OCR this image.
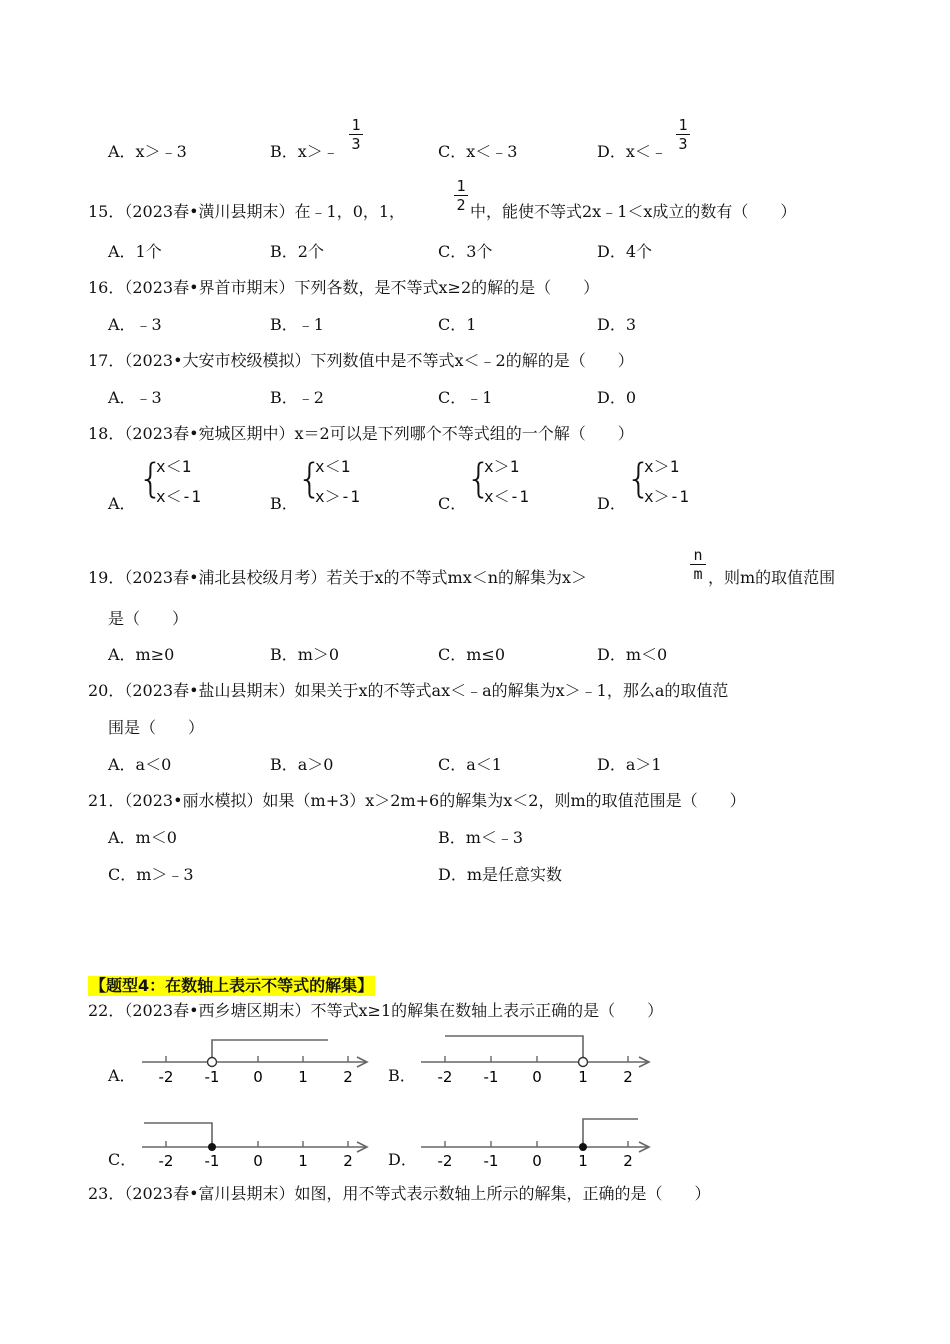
A．x＞﹣3	B．x＞﹣
1
3	C．x＜﹣3	D．x＜﹣
1
3
15．（2023春•潢川县期末）在﹣1，0，1，
1
2 中，能使不等式2x﹣1＜x成立的数有（　　）
A．1个	B．2个	C．3个	D．4个
16．（2023春•界首市期末）下列各数，是不等式x≥2的解的是（　　）
A．﹣3	B．﹣1	C．1	D．3
17．（2023•大安市校级模拟）下列数值中是不等式x＜﹣2的解的是（　　）
A．﹣3	B．﹣2	C．﹣1	D．0
18．（2023春•宛城区期中）x＝2可以是下列哪个不等式组的一个解（　　）
A．
{
x＜1
x＜-1	B．
{
x＜1
x＞-1	C．
{
x＞1
x＜-1	D．
{
x＞1
x＞-1
19．（2023春•浦北县校级月考）若关于x的不等式mx＜n的解集为x＞
n
m ，则m的取值范围
是（　　）
A．m≥0	B．m＞0	C．m≤0	D．m＜0
20．（2023春•盐山县期末）如果关于x的不等式ax＜﹣a的解集为x＞﹣1，那么a的取值范
围是（　　）
A．a＜0	B．a＞0	C．a＜1	D．a＞1
21．（2023•丽水模拟）如果（m+3）x＞2m+6的解集为x＜2，则m的取值范围是（　　）
A．m＜0	B．m＜﹣3
C．m＞﹣3	D．m是任意实数
【题型4：在数轴上表示不等式的解集】
22．（2023春•西乡塘区期末）不等式x≥1的解集在数轴上表示正确的是（　　）
A．	B．
C．	D．
-2 -1 0 1 2	-2 -1 0 1 2
-2 -1 0 1 2	-2 -1 0 1 2
23．（2023春•富川县期末）如图，用不等式表示数轴上所示的解集，正确的是（　　）
